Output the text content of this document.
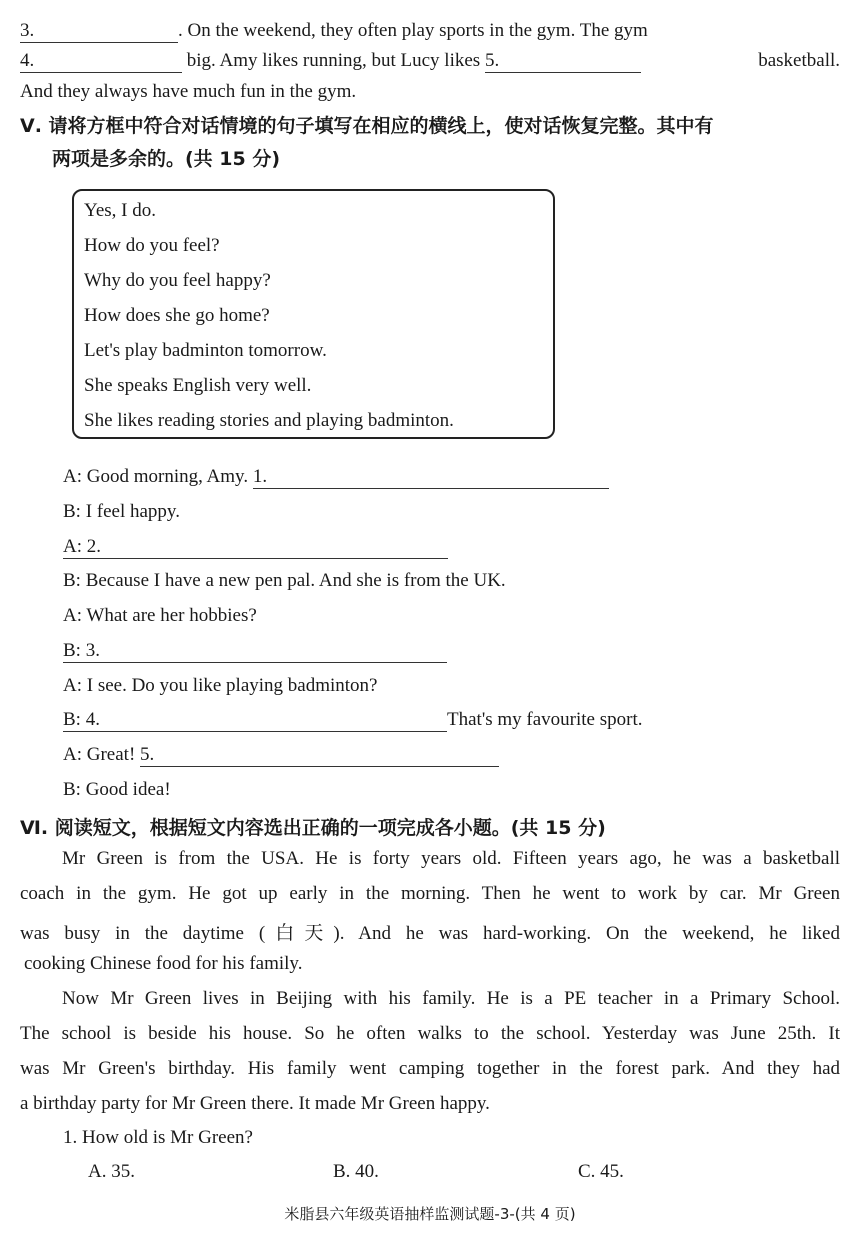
3.	. On the weekend, they often play sports in the gym. The gym
4.	big. Amy likes running, but Lucy likes 5.	basketball.
And they always have much fun in the gym.
Ⅴ. 请将方框中符合对话情境的句子填写在相应的横线上，使对话恢复完整。其中有
两项是多余的。(共 15 分)
Yes, I do.
How do you feel?
Why do you feel happy?
How does she go home?
Let's play badminton tomorrow.
She speaks English very well.
She likes reading stories and playing badminton.
A: Good morning, Amy. 1.
B: I feel happy.
A: 2.
B: Because I have a new pen pal. And she is from the UK.
A: What are her hobbies?
B: 3.
A: I see. Do you like playing badminton?
B: 4.	That's my favourite sport.
A: Great! 5.
B: Good idea!
Ⅵ. 阅读短文，根据短文内容选出正确的一项完成各小题。(共 15 分)
Mr Green is from the USA. He is forty years old. Fifteen years ago, he was a basketball
coach in the gym. He got up early in the morning. Then he went to work by car. Mr Green
was busy in the daytime (白天). And he was hard-working. On the weekend, he liked
cooking Chinese food for his family.
Now Mr Green lives in Beijing with his family. He is a PE teacher in a Primary School.
The school is beside his house. So he often walks to the school. Yesterday was June 25th. It
was Mr Green's birthday. His family went camping together in the forest park. And they had
a birthday party for Mr Green there. It made Mr Green happy.
1. How old is Mr Green?
A. 35.	B. 40.	C. 45.
米脂县六年级英语抽样监测试题-3-(共 4 页)
